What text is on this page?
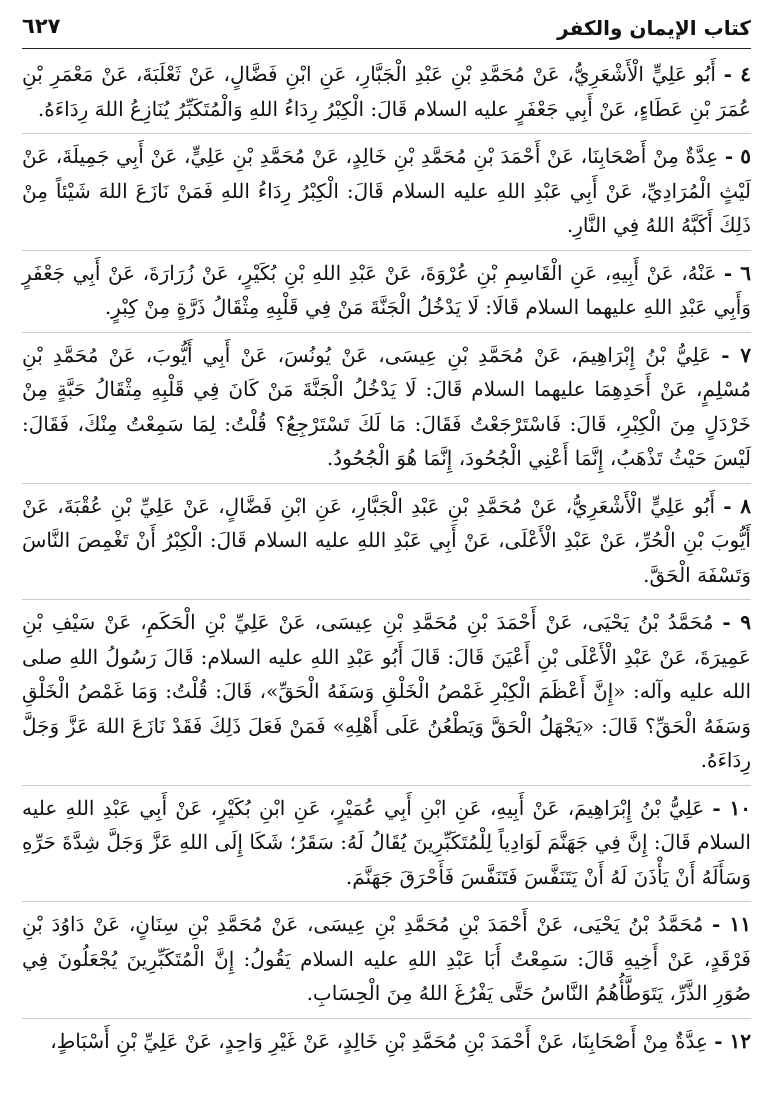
كتاب الإيمان والكفر
٦٢٧
٤ - أَبُو عَلِيٍّ الْأَشْعَرِيُّ، عَنْ مُحَمَّدِ بْنِ عَبْدِ الْجَبَّارِ، عَنِ ابْنِ فَضَّالٍ، عَنْ ثَعْلَبَةَ، عَنْ مَعْمَرِ بْنِ عُمَرَ بْنِ عَطَاءٍ، عَنْ أَبِي جَعْفَرٍ عليه السلام قَالَ: الْكِبْرُ رِدَاءُ اللهِ وَالْمُتَكَبِّرُ يُنَازِعُ اللهَ رِدَاءَهُ.
٥ - عِدَّةٌ مِنْ أَصْحَابِنَا، عَنْ أَحْمَدَ بْنِ مُحَمَّدِ بْنِ خَالِدٍ، عَنْ مُحَمَّدِ بْنِ عَلِيٍّ، عَنْ أَبِي جَمِيلَةَ، عَنْ لَيْثٍ الْمُرَادِيِّ، عَنْ أَبِي عَبْدِ اللهِ عليه السلام قَالَ: الْكِبْرُ رِدَاءُ اللهِ فَمَنْ نَازَعَ اللهَ شَيْئاً مِنْ ذَلِكَ أَكَبَّهُ اللهُ فِي النَّارِ.
٦ - عَنْهُ، عَنْ أَبِيهِ، عَنِ الْقَاسِمِ بْنِ عُرْوَةَ، عَنْ عَبْدِ اللهِ بْنِ بُكَيْرٍ، عَنْ زُرَارَةَ، عَنْ أَبِي جَعْفَرٍ وَأَبِي عَبْدِ اللهِ عليهما السلام قَالَا: لَا يَدْخُلُ الْجَنَّةَ مَنْ فِي قَلْبِهِ مِثْقَالُ ذَرَّةٍ مِنْ كِبْرٍ.
٧ - عَلِيُّ بْنُ إِبْرَاهِيمَ، عَنْ مُحَمَّدِ بْنِ عِيسَى، عَنْ يُونُسَ، عَنْ أَبِي أَيُّوبَ، عَنْ مُحَمَّدِ بْنِ مُسْلِمٍ، عَنْ أَحَدِهِمَا عليهما السلام قَالَ: لَا يَدْخُلُ الْجَنَّةَ مَنْ كَانَ فِي قَلْبِهِ مِثْقَالُ حَبَّةٍ مِنْ خَرْدَلٍ مِنَ الْكِبْرِ، قَالَ: فَاسْتَرْجَعْتُ فَقَالَ: مَا لَكَ تَسْتَرْجِعُ؟ قُلْتُ: لِمَا سَمِعْتُ مِنْكَ، فَقَالَ: لَيْسَ حَيْثُ تَذْهَبُ، إِنَّمَا أَعْنِي الْجُحُودَ، إِنَّمَا هُوَ الْجُحُودُ.
٨ - أَبُو عَلِيٍّ الْأَشْعَرِيُّ، عَنْ مُحَمَّدِ بْنِ عَبْدِ الْجَبَّارِ، عَنِ ابْنِ فَضَّالٍ، عَنْ عَلِيِّ بْنِ عُقْبَةَ، عَنْ أَيُّوبَ بْنِ الْحُرِّ، عَنْ عَبْدِ الْأَعْلَى، عَنْ أَبِي عَبْدِ اللهِ عليه السلام قَالَ: الْكِبْرُ أَنْ تَغْمِصَ النَّاسَ وَتَسْفَهَ الْحَقَّ.
٩ - مُحَمَّدُ بْنُ يَحْيَى، عَنْ أَحْمَدَ بْنِ مُحَمَّدِ بْنِ عِيسَى، عَنْ عَلِيِّ بْنِ الْحَكَمِ، عَنْ سَيْفِ بْنِ عَمِيرَةَ، عَنْ عَبْدِ الْأَعْلَى بْنِ أَعْيَنَ قَالَ: قَالَ أَبُو عَبْدِ اللهِ عليه السلام: قَالَ رَسُولُ اللهِ صلى الله عليه وآله: «إِنَّ أَعْظَمَ الْكِبْرِ غَمْصُ الْخَلْقِ وَسَفَهُ الْحَقِّ»، قَالَ: قُلْتُ: وَمَا غَمْصُ الْخَلْقِ وَسَفَهُ الْحَقِّ؟ قَالَ: «يَجْهَلُ الْحَقَّ وَيَطْعُنُ عَلَى أَهْلِهِ» فَمَنْ فَعَلَ ذَلِكَ فَقَدْ نَازَعَ اللهَ عَزَّ وَجَلَّ رِدَاءَهُ.
١٠ - عَلِيُّ بْنُ إِبْرَاهِيمَ، عَنْ أَبِيهِ، عَنِ ابْنِ أَبِي عُمَيْرٍ، عَنِ ابْنِ بُكَيْرٍ، عَنْ أَبِي عَبْدِ اللهِ عليه السلام قَالَ: إِنَّ فِي جَهَنَّمَ لَوَادِياً لِلْمُتَكَبِّرِينَ يُقَالُ لَهُ: سَقَرُ؛ شَكَا إِلَى اللهِ عَزَّ وَجَلَّ شِدَّةَ حَرِّهِ وَسَأَلَهُ أَنْ يَأْذَنَ لَهُ أَنْ يَتَنَفَّسَ فَتَنَفَّسَ فَأَحْرَقَ جَهَنَّمَ.
١١ - مُحَمَّدُ بْنُ يَحْيَى، عَنْ أَحْمَدَ بْنِ مُحَمَّدِ بْنِ عِيسَى، عَنْ مُحَمَّدِ بْنِ سِنَانٍ، عَنْ دَاوُدَ بْنِ فَرْقَدٍ، عَنْ أَخِيهِ قَالَ: سَمِعْتُ أَبَا عَبْدِ اللهِ عليه السلام يَقُولُ: إِنَّ الْمُتَكَبِّرِينَ يُجْعَلُونَ فِي صُوَرِ الذَّرِّ، يَتَوَطَّأُهُمُ النَّاسُ حَتَّى يَفْرُغَ اللهُ مِنَ الْحِسَابِ.
١٢ - عِدَّةٌ مِنْ أَصْحَابِنَا، عَنْ أَحْمَدَ بْنِ مُحَمَّدِ بْنِ خَالِدٍ، عَنْ غَيْرِ وَاحِدٍ، عَنْ عَلِيِّ بْنِ أَسْبَاطٍ،
